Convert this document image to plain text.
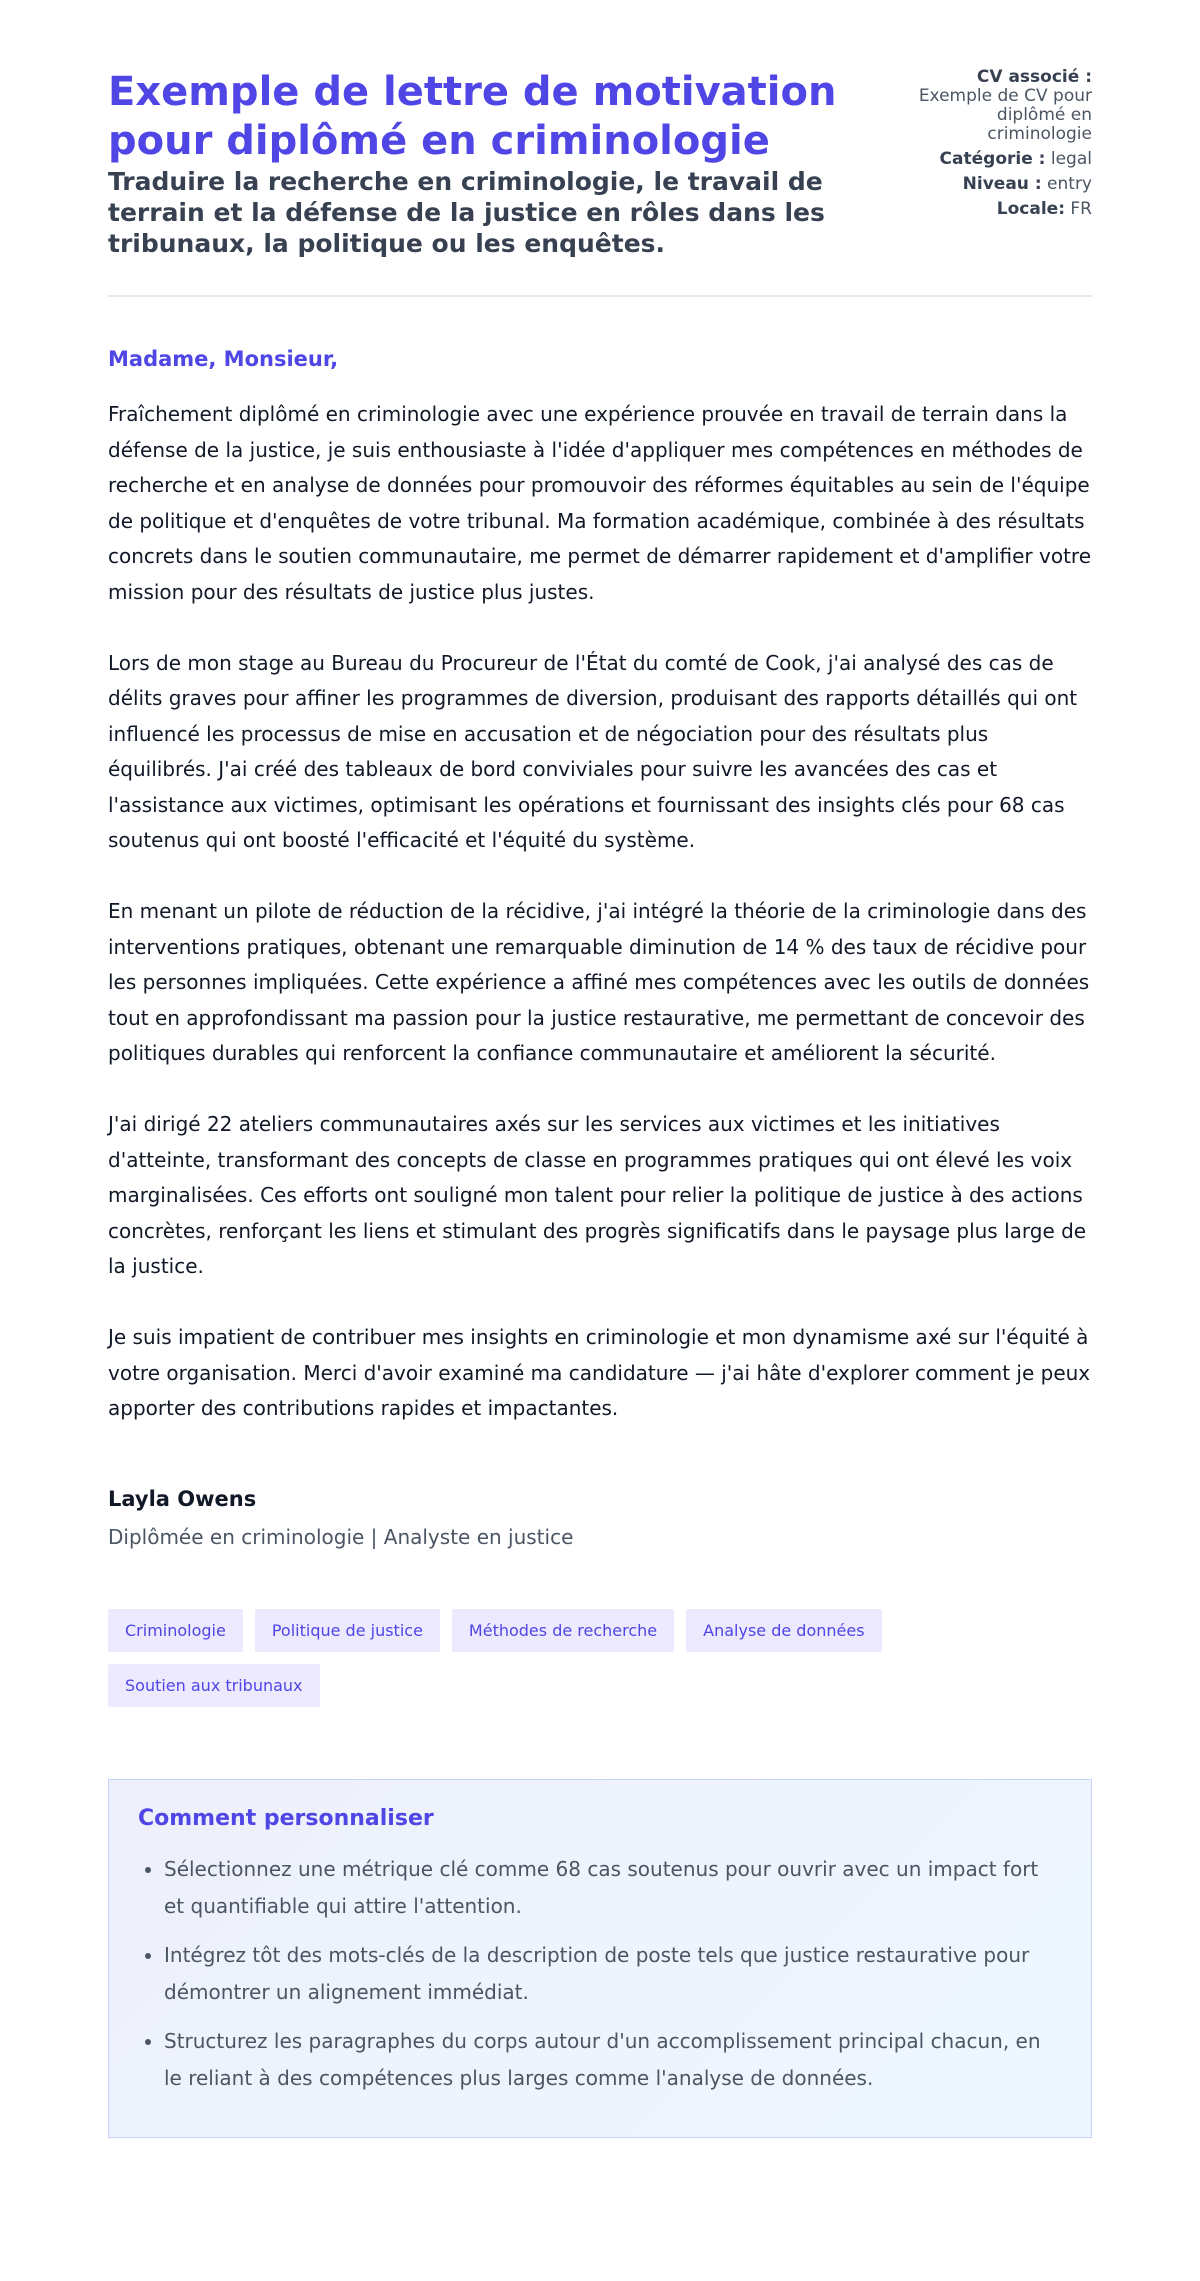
Exemple de lettre de motivation pour diplômé en criminologie

Traduire la recherche en criminologie, le travail de terrain et la défense de la justice en rôles dans les tribunaux, la politique ou les enquêtes.

CV associé :
Exemple de CV pour diplômé en criminologie
Catégorie : legal
Niveau : entry
Locale: FR
Madame, Monsieur,

Fraîchement diplômé en criminologie avec une expérience prouvée en travail de terrain dans la défense de la justice, je suis enthousiaste à l'idée d'appliquer mes compétences en méthodes de recherche et en analyse de données pour promouvoir des réformes équitables au sein de l'équipe de politique et d'enquêtes de votre tribunal. Ma formation académique, combinée à des résultats concrets dans le soutien communautaire, me permet de démarrer rapidement et d'amplifier votre mission pour des résultats de justice plus justes.

Lors de mon stage au Bureau du Procureur de l'État du comté de Cook, j'ai analysé des cas de délits graves pour affiner les programmes de diversion, produisant des rapports détaillés qui ont influencé les processus de mise en accusation et de négociation pour des résultats plus équilibrés. J'ai créé des tableaux de bord conviviales pour suivre les avancées des cas et l'assistance aux victimes, optimisant les opérations et fournissant des insights clés pour 68 cas soutenus qui ont boosté l'efficacité et l'équité du système.

En menant un pilote de réduction de la récidive, j'ai intégré la théorie de la criminologie dans des interventions pratiques, obtenant une remarquable diminution de 14 % des taux de récidive pour les personnes impliquées. Cette expérience a affiné mes compétences avec les outils de données tout en approfondissant ma passion pour la justice restaurative, me permettant de concevoir des politiques durables qui renforcent la confiance communautaire et améliorent la sécurité.

J'ai dirigé 22 ateliers communautaires axés sur les services aux victimes et les initiatives d'atteinte, transformant des concepts de classe en programmes pratiques qui ont élevé les voix marginalisées. Ces efforts ont souligné mon talent pour relier la politique de justice à des actions concrètes, renforçant les liens et stimulant des progrès significatifs dans le paysage plus large de la justice.

Je suis impatient de contribuer mes insights en criminologie et mon dynamisme axé sur l'équité à votre organisation. Merci d'avoir examiné ma candidature — j'ai hâte d'explorer comment je peux apporter des contributions rapides et impactantes.

Layla Owens
Diplômée en criminologie | Analyste en justice
Criminologie	Politique de justice	Méthodes de recherche	Analyse de données
Soutien aux tribunaux
Comment personnaliser
• Sélectionnez une métrique clé comme 68 cas soutenus pour ouvrir avec un impact fort et quantifiable qui attire l'attention.
• Intégrez tôt des mots-clés de la description de poste tels que justice restaurative pour démontrer un alignement immédiat.
• Structurez les paragraphes du corps autour d'un accomplissement principal chacun, en le reliant à des compétences plus larges comme l'analyse de données.
